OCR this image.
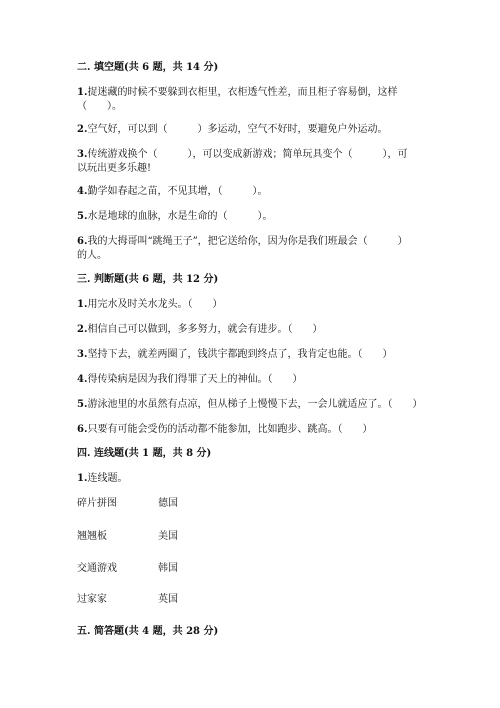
二. 填空题(共 6 题，共 14 分)
1.捉迷藏的时候不要躲到衣柜里，衣柜透气性差，而且柜子容易倒，这样
（　　）。
2.空气好，可以到（　　　）多运动，空气不好时，要避免户外运动。
3.传统游戏换个（　　　），可以变成新游戏；简单玩具变个（　　　），可
以玩出更多乐趣!
4.勤学如春起之苗，不见其增，（　　　）。
5.水是地球的血脉，水是生命的（　　　）。
6.我的大拇哥叫“跳绳王子”，把它送给你，因为你是我们班最会（　　　）
的人。
三. 判断题(共 6 题，共 12 分)
1.用完水及时关水龙头。（　　）
2.相信自己可以做到，多多努力，就会有进步。（　　）
3.坚持下去，就差两圈了，钱洪宇都跑到终点了，我肯定也能。（　　）
4.得传染病是因为我们得罪了天上的神仙。（　　）
5.游泳池里的水虽然有点凉，但从梯子上慢慢下去，一会儿就适应了。（　　）
6.只要有可能会受伤的活动都不能参加，比如跑步、跳高。（　　）
四. 连线题(共 1 题，共 8 分)
1.连线题。
碎片拼图	德国
翘翘板	美国
交通游戏	韩国
过家家	英国
五. 简答题(共 4 题，共 28 分)
